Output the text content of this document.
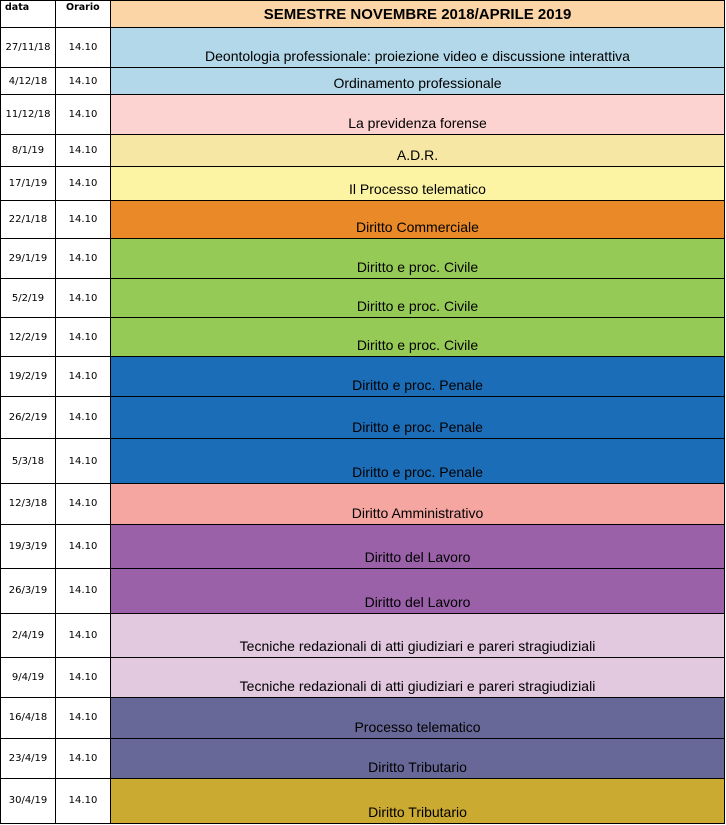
data	Orario	SEMESTRE NOVEMBRE 2018/APRILE 2019
27/11/18	14.10	Deontologia professionale: proiezione video e discussione interattiva
4/12/18	14.10	Ordinamento professionale
11/12/18	14.10	La previdenza forense
8/1/19	14.10	A.D.R.
17/1/19	14.10	Il Processo telematico
22/1/18	14.10	Diritto Commerciale
29/1/19	14.10	Diritto e proc. Civile
5/2/19	14.10	Diritto e proc. Civile
12/2/19	14.10	Diritto e proc. Civile
19/2/19	14.10	Diritto e proc. Penale
26/2/19	14.10	Diritto e proc. Penale
5/3/18	14.10	Diritto e proc. Penale
12/3/18	14.10	Diritto Amministrativo
19/3/19	14.10	Diritto del Lavoro
26/3/19	14.10	Diritto del Lavoro
2/4/19	14.10	Tecniche redazionali di atti giudiziari e pareri stragiudiziali
9/4/19	14.10	Tecniche redazionali di atti giudiziari e pareri stragiudiziali
16/4/18	14.10	Processo telematico
23/4/19	14.10	Diritto Tributario
30/4/19	14.10	Diritto Tributario
